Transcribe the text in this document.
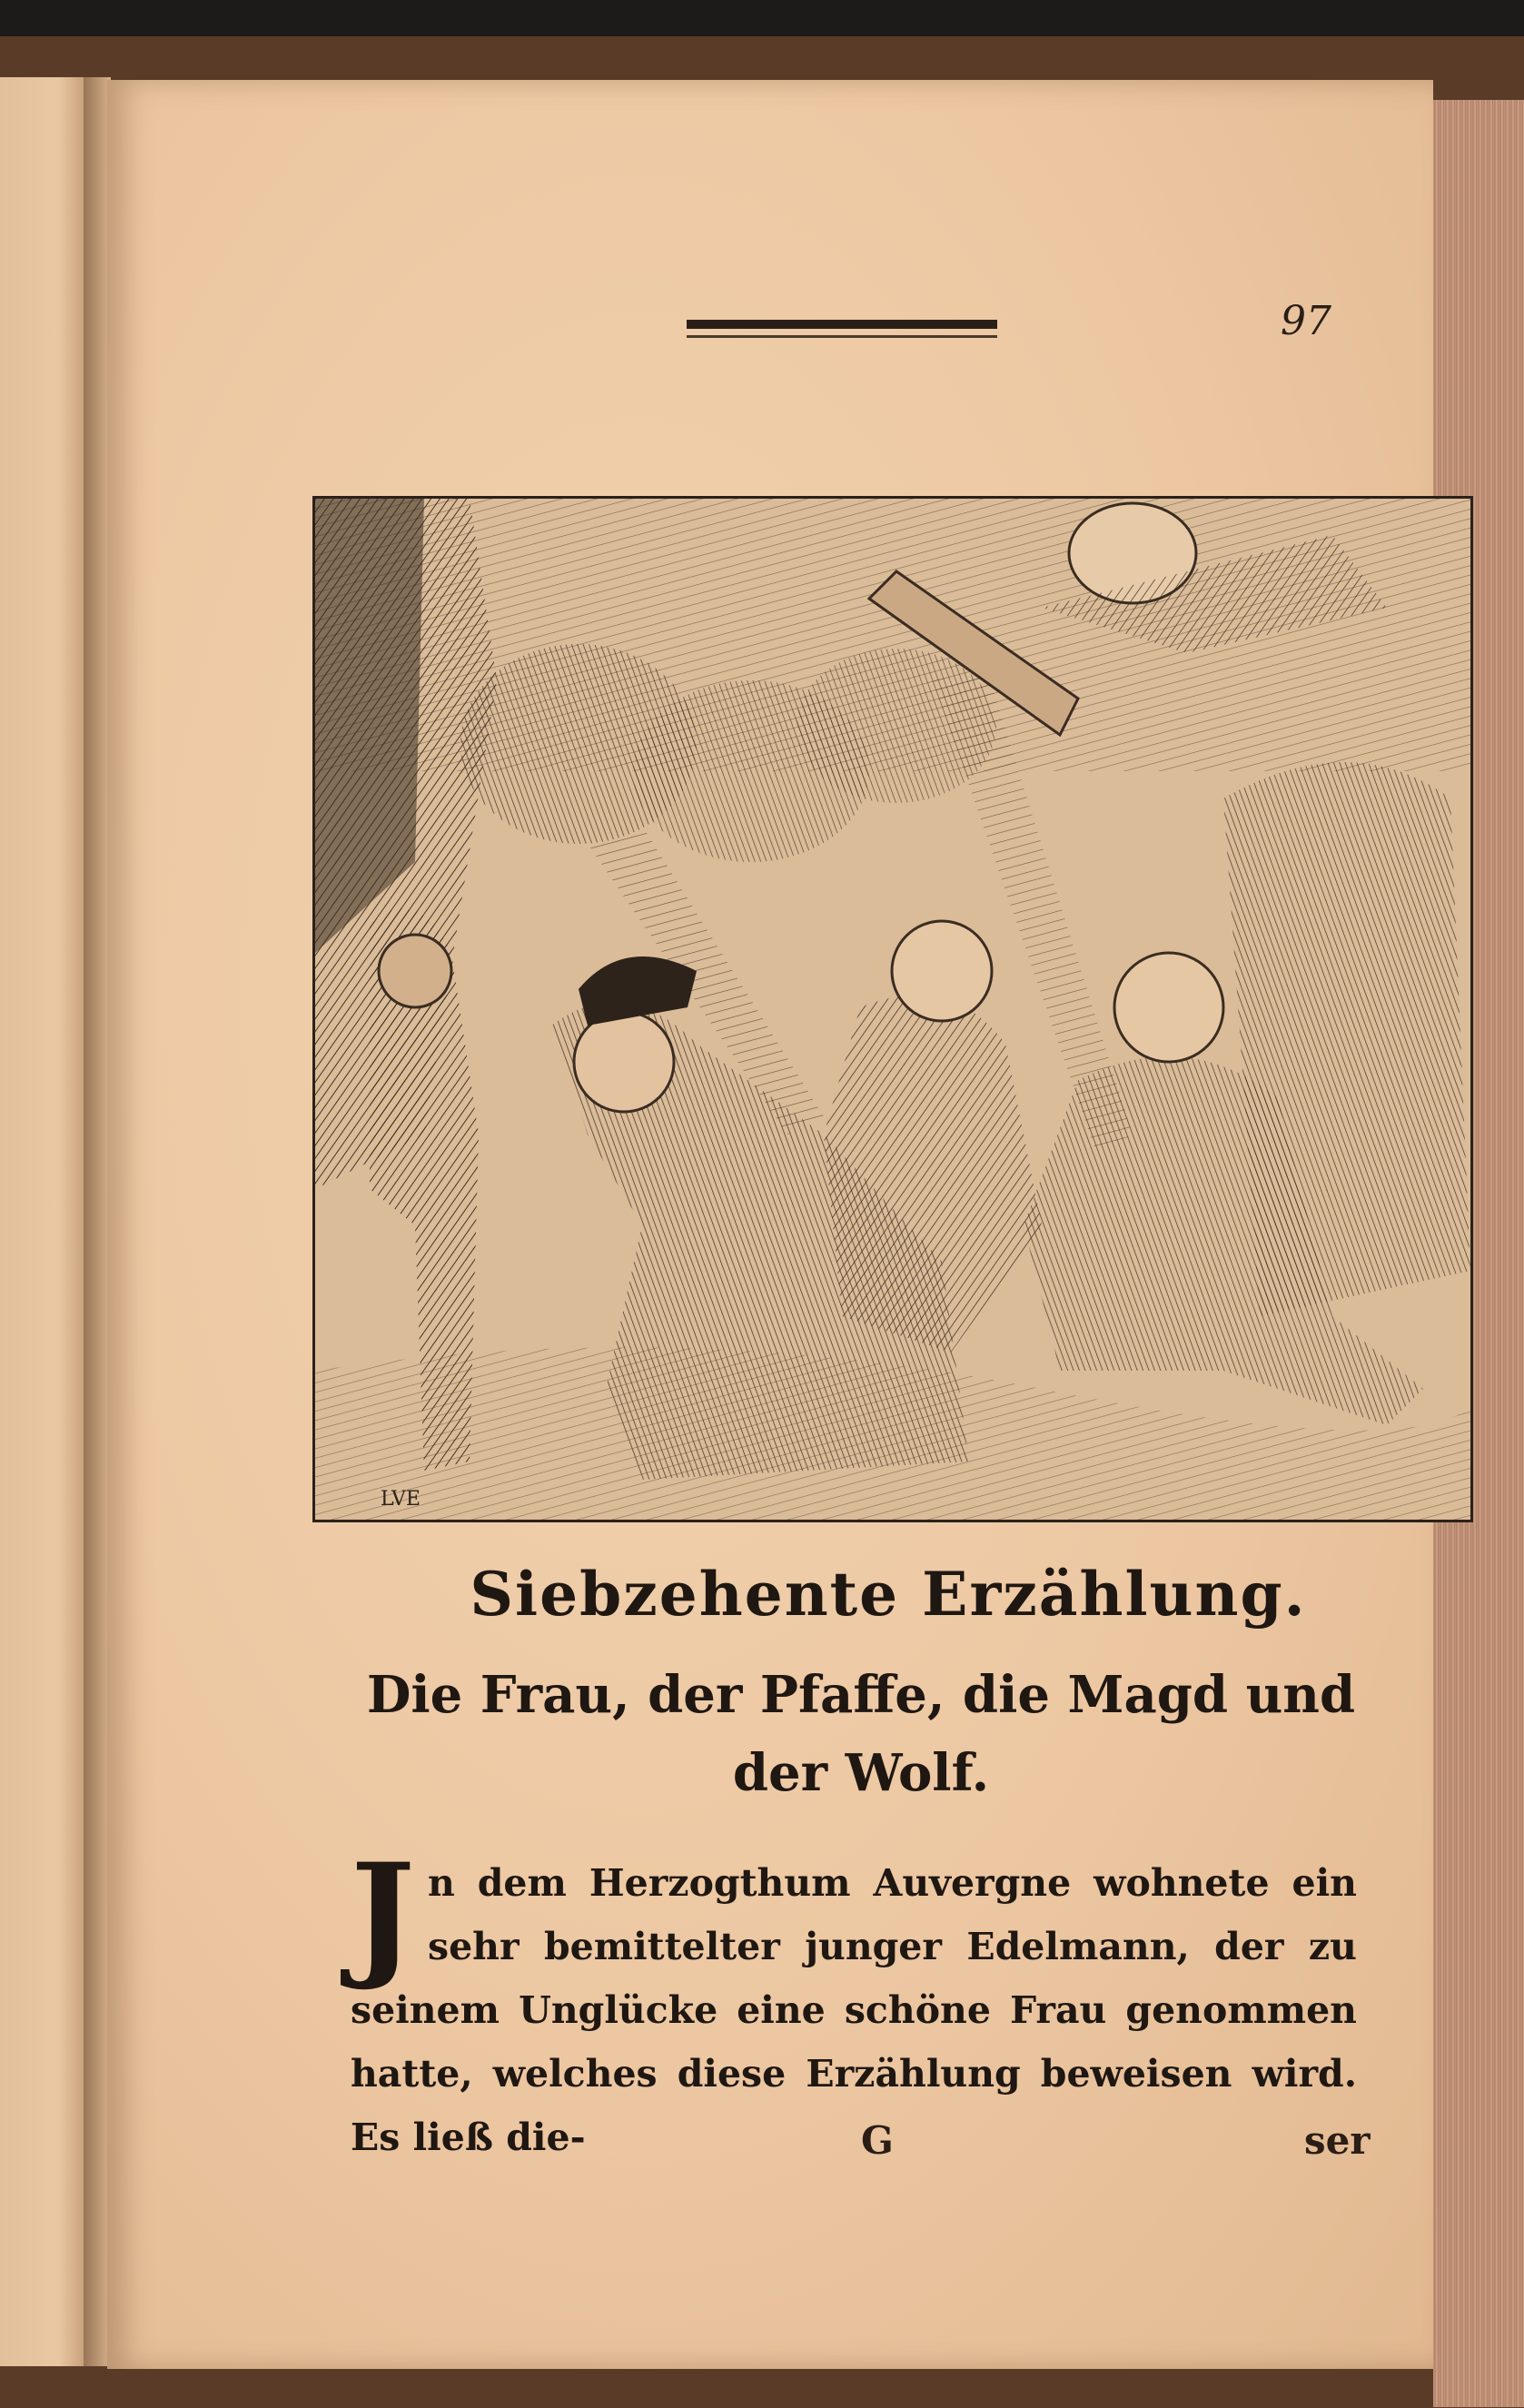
97
LVE
Siebzehente Erzählung.
Die Frau, der Pfaffe, die Magd und
der Wolf.
J n dem Herzogthum Auvergne wohnete ein sehr bemittelter junger Edelmann, der zu seinem Unglücke eine schöne Frau genommen hatte, welches diese Erzählung beweisen wird. Es ließ die-	G	ser
